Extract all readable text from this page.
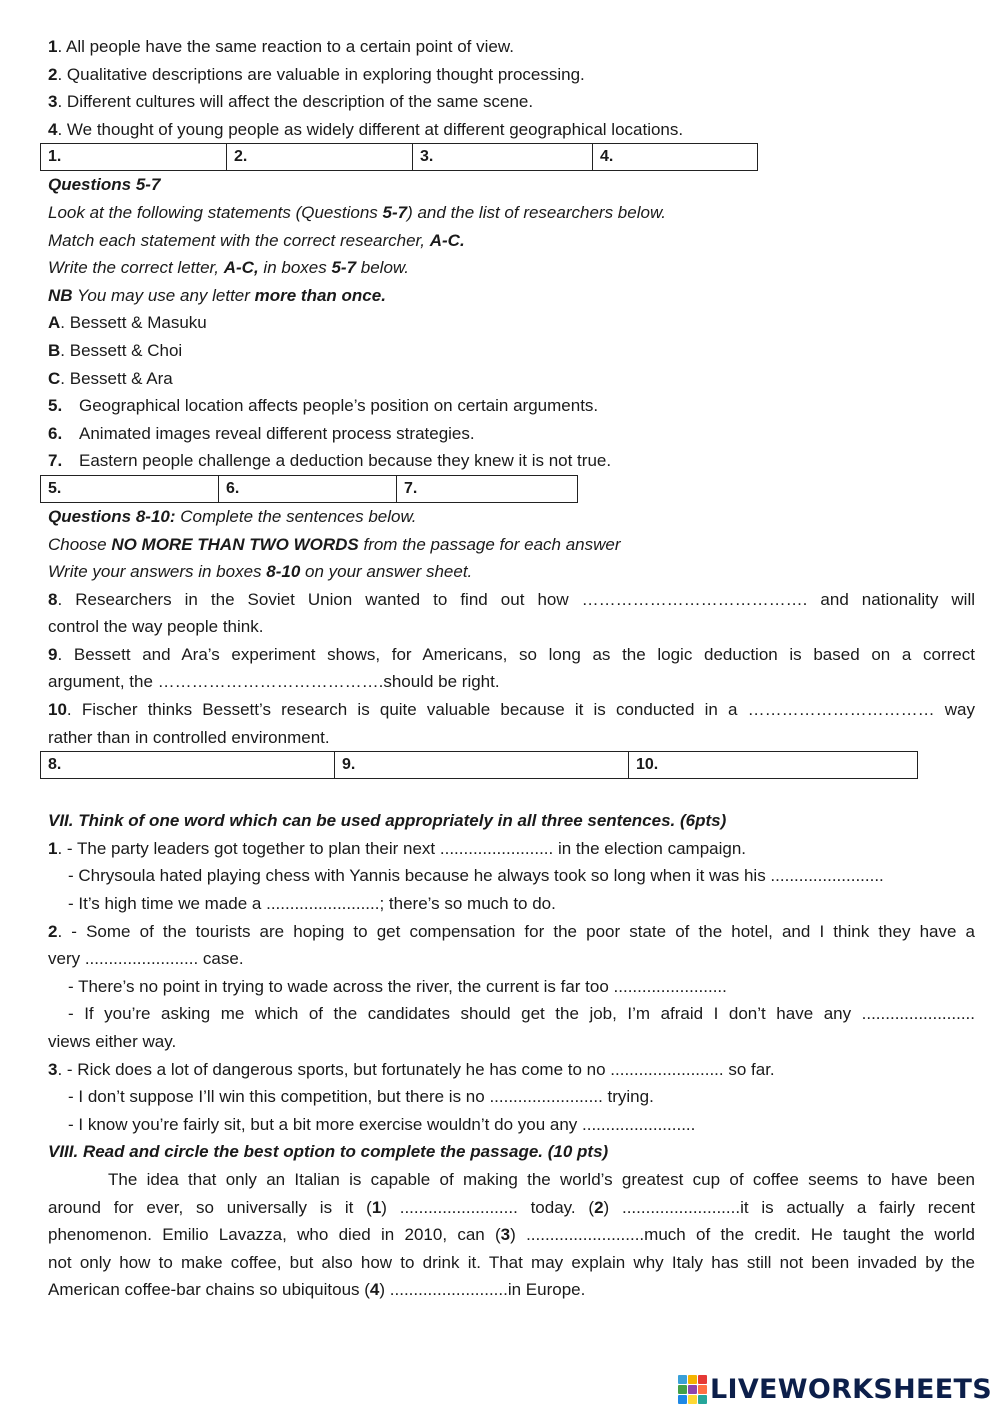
1. All people have the same reaction to a certain point of view.
2. Qualitative descriptions are valuable in exploring thought processing.
3. Different cultures will affect the description of the same scene.
4. We thought of young people as widely different at different geographical locations.
1.	2.	3.	4.
Questions 5-7
Look at the following statements (Questions 5-7) and the list of researchers below.
Match each statement with the correct researcher, A-C.
Write the correct letter, A-C, in boxes 5-7 below.
NB You may use any letter more than once.
A. Bessett & Masuku
B. Bessett & Choi
C. Bessett & Ara
5. Geographical location affects people’s position on certain arguments.
6. Animated images reveal different process strategies.
7. Eastern people challenge a deduction because they knew it is not true.
5.	6.	7.
Questions 8-10: Complete the sentences below.
Choose NO MORE THAN TWO WORDS from the passage for each answer
Write your answers in boxes 8-10 on your answer sheet.
8. Researchers in the Soviet Union wanted to find out how …………………………………. and nationality will
control the way people think.
9. Bessett and Ara’s experiment shows, for Americans, so long as the logic deduction is based on a correct
argument, the ………………………………….should be right.
10. Fischer thinks Bessett’s research is quite valuable because it is conducted in a …………………………… way
rather than in controlled environment.
8.	9.	10.
VII. Think of one word which can be used appropriately in all three sentences. (6pts)
1. - The party leaders got together to plan their next ........................ in the election campaign.
- Chrysoula hated playing chess with Yannis because he always took so long when it was his ........................
- It’s high time we made a ........................; there’s so much to do.
2. - Some of the tourists are hoping to get compensation for the poor state of the hotel, and I think they have a
very ........................ case.
- There’s no point in trying to wade across the river, the current is far too ........................
- If you’re asking me which of the candidates should get the job, I’m afraid I don’t have any ........................
views either way.
3. - Rick does a lot of dangerous sports, but fortunately he has come to no ........................ so far.
- I don’t suppose I’ll win this competition, but there is no ........................ trying.
- I know you’re fairly sit, but a bit more exercise wouldn’t do you any ........................
VIII. Read and circle the best option to complete the passage. (10 pts)
The idea that only an Italian is capable of making the world’s greatest cup of coffee seems to have been
around for ever, so universally is it (1) ......................... today. (2) .........................it is actually a fairly recent
phenomenon. Emilio Lavazza, who died in 2010, can (3) .........................much of the credit. He taught the world
not only how to make coffee, but also how to drink it. That may explain why Italy has still not been invaded by the
American coffee-bar chains so ubiquitous (4) .........................in Europe.
LIVEWORKSHEETS
